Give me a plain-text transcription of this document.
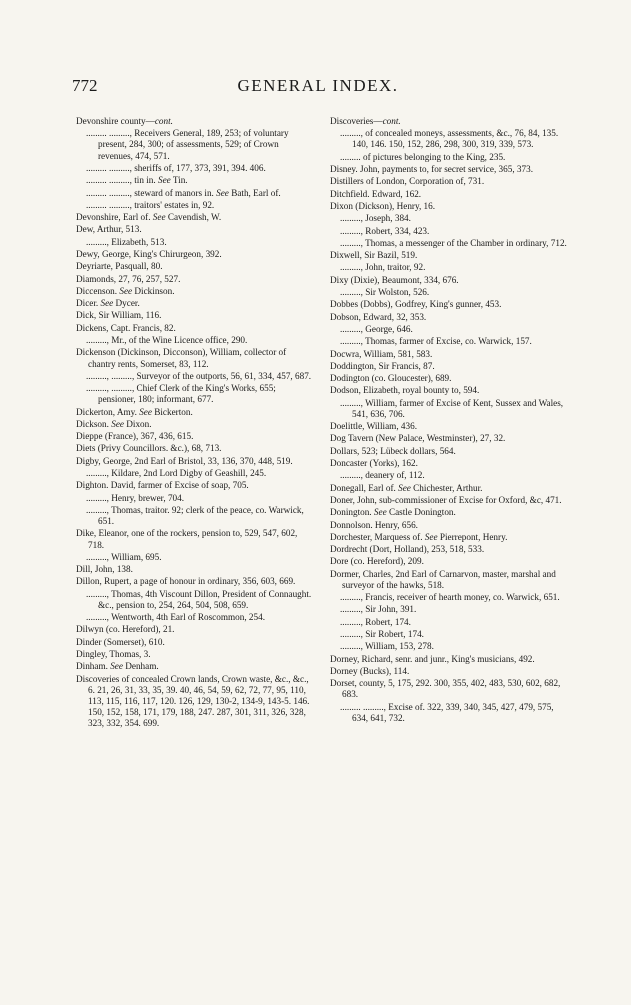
772	GENERAL INDEX.
Devonshire county—cont.
......... ........., Receivers General, 189, 253; of voluntary present, 284, 300; of assessments, 529; of Crown revenues, 474, 571.
......... ........., sheriffs of, 177, 373, 391, 394. 406.
......... ........., tin in. See Tin.
......... ........., steward of manors in. See Bath, Earl of.
......... ........., traitors' estates in, 92.
Devonshire, Earl of. See Cavendish, W.
Dew, Arthur, 513.
........., Elizabeth, 513.
Dewy, George, King's Chirurgeon, 392.
Deyriarte, Pasquall, 80.
Diamonds, 27, 76, 257, 527.
Diccenson. See Dickinson.
Dicer. See Dycer.
Dick, Sir William, 116.
Dickens, Capt. Francis, 82.
........., Mr., of the Wine Licence office, 290.
Dickenson (Dickinson, Dicconson), William, collector of chantry rents, Somerset, 83, 112.
........., ........., Surveyor of the outports, 56, 61, 334, 457, 687.
........., ........., Chief Clerk of the King's Works, 655; pensioner, 180; informant, 677.
Dickerton, Amy. See Bickerton.
Dickson. See Dixon.
Dieppe (France), 367, 436, 615.
Diets (Privy Councillors. &c.), 68, 713.
Digby, George, 2nd Earl of Bristol, 33, 136, 370, 448, 519.
........., Kildare, 2nd Lord Digby of Geashill, 245.
Dighton. David, farmer of Excise of soap, 705.
........., Henry, brewer, 704.
........., Thomas, traitor. 92; clerk of the peace, co. Warwick, 651.
Dike, Eleanor, one of the rockers, pension to, 529, 547, 602, 718.
........., William, 695.
Dill, John, 138.
Dillon, Rupert, a page of honour in ordinary, 356, 603, 669.
........., Thomas, 4th Viscount Dillon, President of Connaught. &c., pension to, 254, 264, 504, 508, 659.
........., Wentworth, 4th Earl of Roscommon, 254.
Dilwyn (co. Hereford), 21.
Dinder (Somerset), 610.
Dingley, Thomas, 3.
Dinham. See Denham.
Discoveries of concealed Crown lands, Crown waste, &c., &c., 6. 21, 26, 31, 33, 35, 39. 40, 46, 54, 59, 62, 72, 77, 95, 110, 113, 115, 116, 117, 120. 126, 129, 130-2, 134-9, 143-5. 146. 150, 152, 158, 171, 179, 188, 247. 287, 301, 311, 326, 328, 323, 332, 354. 699.
Discoveries—cont.
........., of concealed moneys, assessments, &c., 76, 84, 135. 140, 146. 150, 152, 286, 298, 300, 319, 339, 573.
......... of pictures belonging to the King, 235.
Disney. John, payments to, for secret service, 365, 373.
Distillers of London, Corporation of, 731.
Ditchfield. Edward, 162.
Dixon (Dickson), Henry, 16.
........., Joseph, 384.
........., Robert, 334, 423.
........., Thomas, a messenger of the Chamber in ordinary, 712.
Dixwell, Sir Bazil, 519.
........., John, traitor, 92.
Dixy (Dixie), Beaumont, 334, 676.
........., Sir Wolston, 526.
Dobbes (Dobbs), Godfrey, King's gunner, 453.
Dobson, Edward, 32, 353.
........., George, 646.
........., Thomas, farmer of Excise, co. Warwick, 157.
Docwra, William, 581, 583.
Doddington, Sir Francis, 87.
Dodington (co. Gloucester), 689.
Dodson, Elizabeth, royal bounty to, 594.
........., William, farmer of Excise of Kent, Sussex and Wales, 541, 636, 706.
Doelittle, William, 436.
Dog Tavern (New Palace, Westminster), 27, 32.
Dollars, 523; Lübeck dollars, 564.
Doncaster (Yorks), 162.
........., deanery of, 112.
Donegall, Earl of. See Chichester, Arthur.
Doner, John, sub-commissioner of Excise for Oxford, &c, 471.
Donington. See Castle Donington.
Donnolson. Henry, 656.
Dorchester, Marquess of. See Pierrepont, Henry.
Dordrecht (Dort, Holland), 253, 518, 533.
Dore (co. Hereford), 209.
Dormer, Charles, 2nd Earl of Carnarvon, master, marshal and surveyor of the hawks, 518.
........., Francis, receiver of hearth money, co. Warwick, 651.
........., Sir John, 391.
........., Robert, 174.
........., Sir Robert, 174.
........., William, 153, 278.
Dorney, Richard, senr. and junr., King's musicians, 492.
Dorney (Bucks), 114.
Dorset, county, 5, 175, 292. 300, 355, 402, 483, 530, 602, 682, 683.
......... ........., Excise of. 322, 339, 340, 345, 427, 479, 575, 634, 641, 732.
